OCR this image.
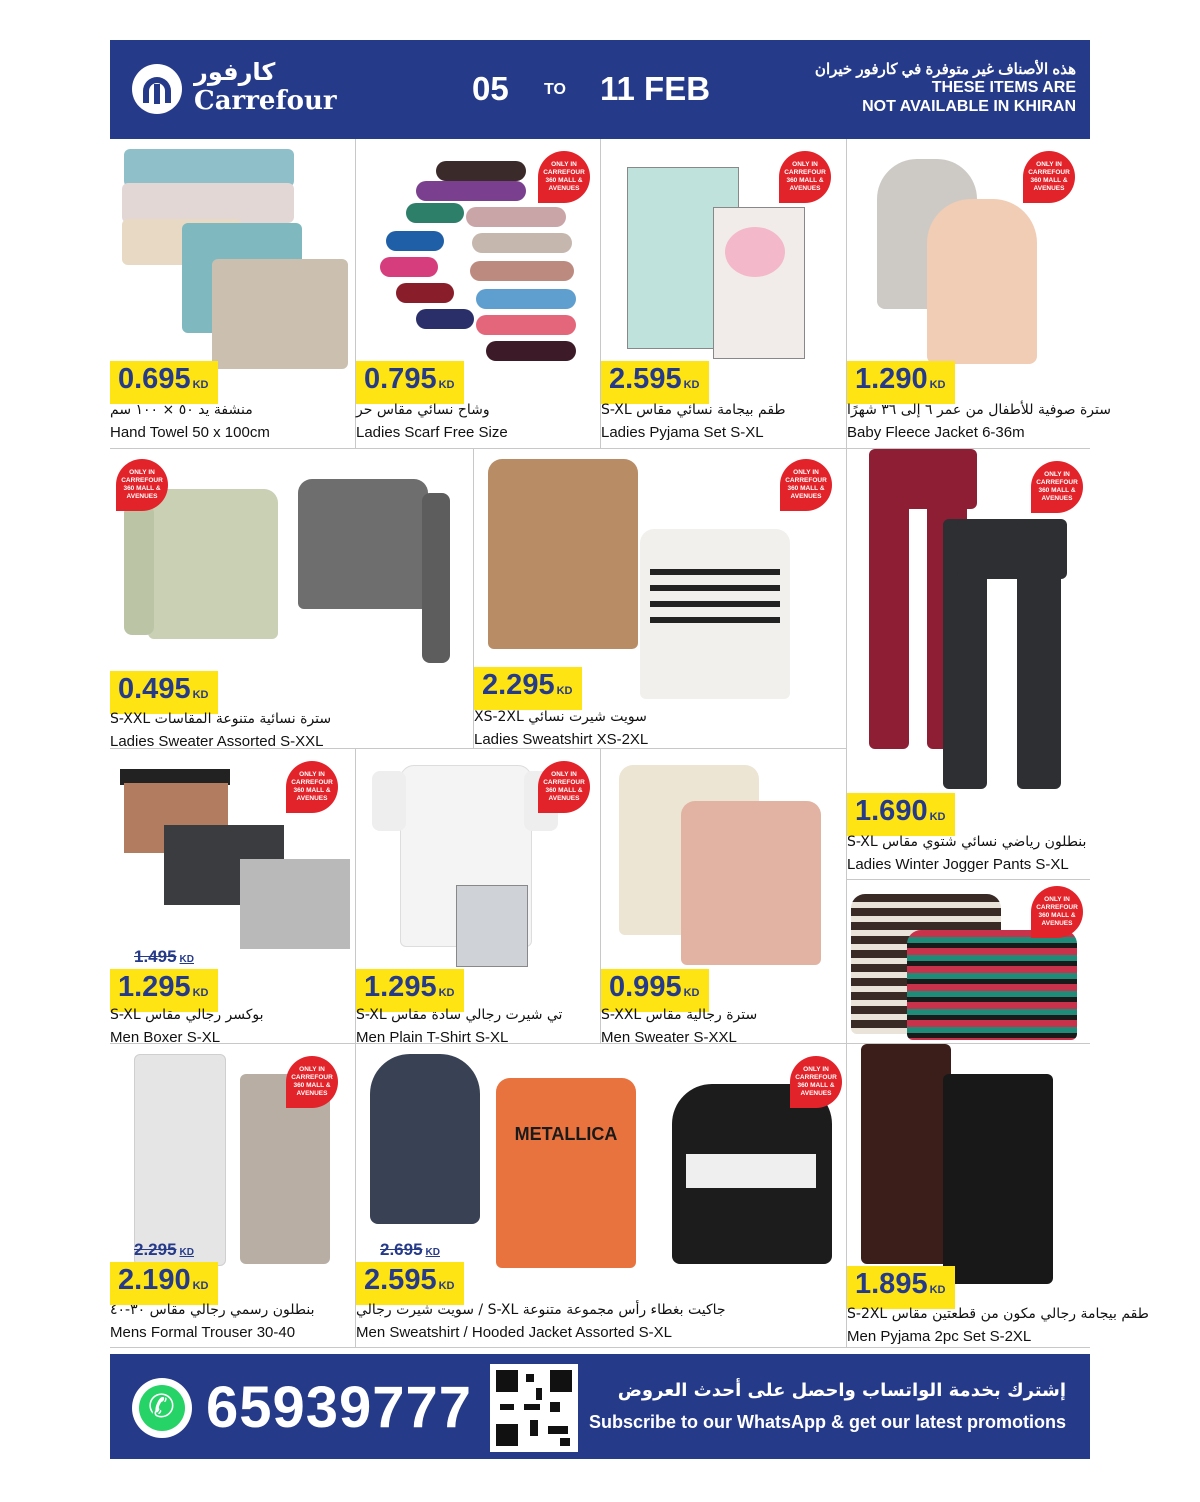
كارفور
Carrefour	05 TO 11 FEB
هذه الأصناف غير متوفرة في كارفور خيران
THESE ITEMS ARE
NOT AVAILABLE IN KHIRAN
0.695 KD
منشفة يد ٥٠ × ١٠٠ سم
Hand Towel 50 x 100cm
ONLY IN
CARREFOUR
360 MALL &
AVENUES
0.795 KD
وشاح نسائي مقاس حر
Ladies Scarf Free Size
ONLY IN
CARREFOUR
360 MALL &
AVENUES
2.595 KD
طقم بيجامة نسائي مقاس S-XL
Ladies Pyjama Set S-XL
ONLY IN
CARREFOUR
360 MALL &
AVENUES
1.290 KD
سترة صوفية للأطفال من عمر ٦ إلى ٣٦ شهرًا
Baby Fleece Jacket 6-36m
ONLY IN
CARREFOUR
360 MALL &
AVENUES
0.495 KD
سترة نسائية متنوعة المقاسات S-XXL
Ladies Sweater Assorted S-XXL
ONLY IN
CARREFOUR
360 MALL &
AVENUES
2.295 KD
سويت شيرت نسائي XS-2XL
Ladies Sweatshirt XS-2XL
ONLY IN
CARREFOUR
360 MALL &
AVENUES
1.690 KD
بنطلون رياضي نسائي شتوي مقاس S-XL
Ladies Winter Jogger Pants S-XL
ONLY IN
CARREFOUR
360 MALL &
AVENUES
1.495 KD
1.295 KD
بوكسر رجالي مقاس S-XL
Men Boxer S-XL
ONLY IN
CARREFOUR
360 MALL &
AVENUES
1.295 KD
تي شيرت رجالي سادة مقاس S-XL
Men Plain T-Shirt S-XL
0.995 KD
سترة رجالية مقاس S-XXL
Men Sweater S-XXL
ONLY IN
CARREFOUR
360 MALL &
AVENUES
ONLY IN
CARREFOUR
360 MALL &
AVENUES
2.295 KD
2.190 KD
بنطلون رسمي رجالي مقاس ٣٠-٤٠
Mens Formal Trouser 30-40
METALLICA
ONLY IN
CARREFOUR
360 MALL &
AVENUES
2.695 KD
2.595 KD
جاكيت بغطاء رأس مجموعة متنوعة S-XL / سويت شيرت رجالي
Men Sweatshirt / Hooded Jacket Assorted S-XL
1.895 KD
طقم بيجامة رجالي مكون من قطعتين مقاس S-2XL
Men Pyjama 2pc Set S-2XL
✆
65939777	إشترك بخدمة الواتساب واحصل على أحدث العروض
Subscribe to our WhatsApp & get our latest promotions
